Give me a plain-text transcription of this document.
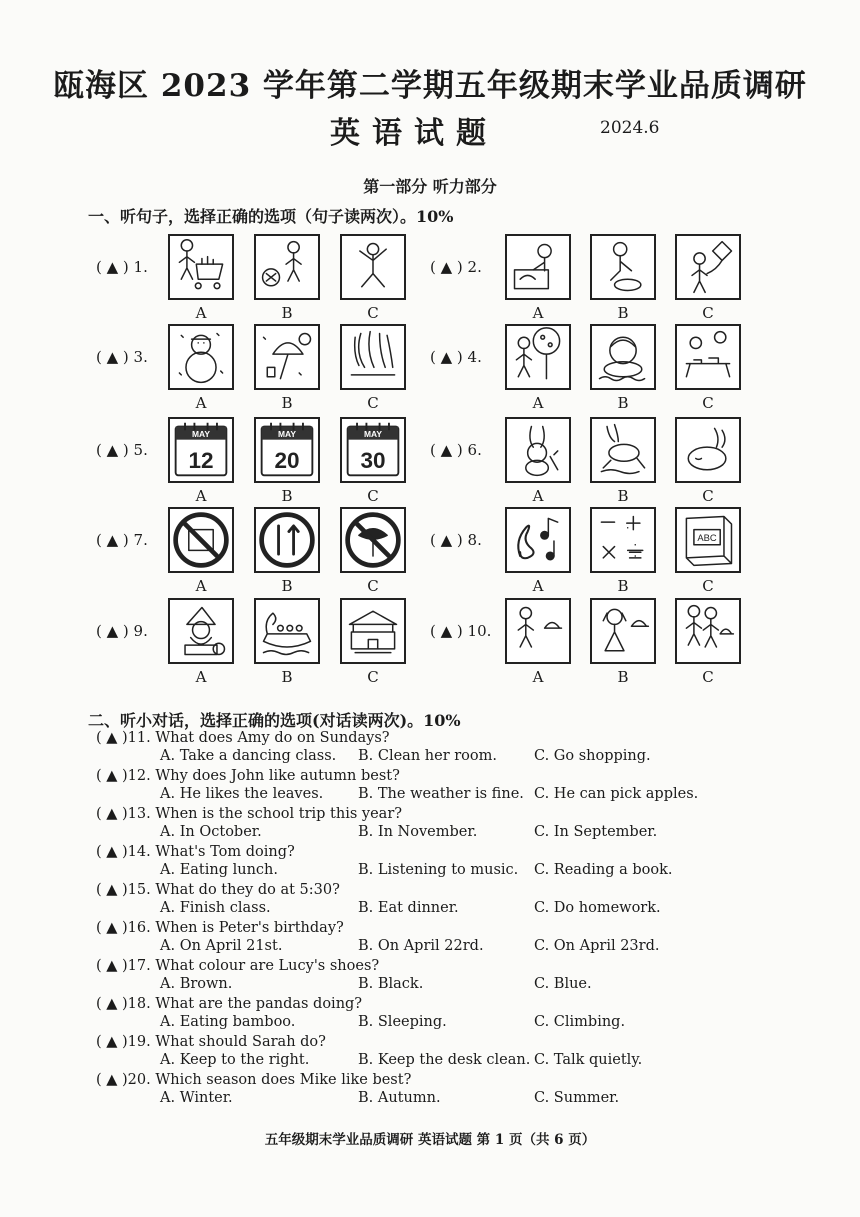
瓯海区 2023 学年第二学期五年级期末学业品质调研
英语试题	2024.6
第一部分 听力部分
一、听句子，选择正确的选项（句子读两次）。10%
( ▲ ) 1.
A	B	C
( ▲ ) 2.
A	B	C
( ▲ ) 3.
A	B	C
( ▲ ) 4.
A	B	C
( ▲ ) 5.
MAY
12
A
MAY
20
B
MAY
30
C
( ▲ ) 6.
A	B	C
( ▲ ) 7.
A	B	C
( ▲ ) 8.
A	B
ABC
C
( ▲ ) 9.
A	B	C
( ▲ ) 10.
A	B	C
二、听小对话，选择正确的选项(对话读两次)。10%
( ▲ )11. What does Amy do on Sundays?
A. Take a dancing class. B. Clean her room.	C. Go shopping.
( ▲ )12. Why does John like autumn best?
A. He likes the leaves. B. The weather is fine. C. He can pick apples.
( ▲ )13. When is the school trip this year?
A. In October.	B. In November.	C. In September.
( ▲ )14. What's Tom doing?
A. Eating lunch.	B. Listening to music. C. Reading a book.
( ▲ )15. What do they do at 5:30?
A. Finish class.	B. Eat dinner.	C. Do homework.
( ▲ )16. When is Peter's birthday?
A. On April 21st.	B. On April 22rd.	C. On April 23rd.
( ▲ )17. What colour are Lucy's shoes?
A. Brown.	B. Black.	C. Blue.
( ▲ )18. What are the pandas doing?
A. Eating bamboo.	B. Sleeping.	C. Climbing.
( ▲ )19. What should Sarah do?
A. Keep to the right.	B. Keep the desk clean. C. Talk quietly.
( ▲ )20. Which season does Mike like best?
A. Winter.	B. Autumn.	C. Summer.
五年级期末学业品质调研 英语试题 第 1 页（共 6 页）
